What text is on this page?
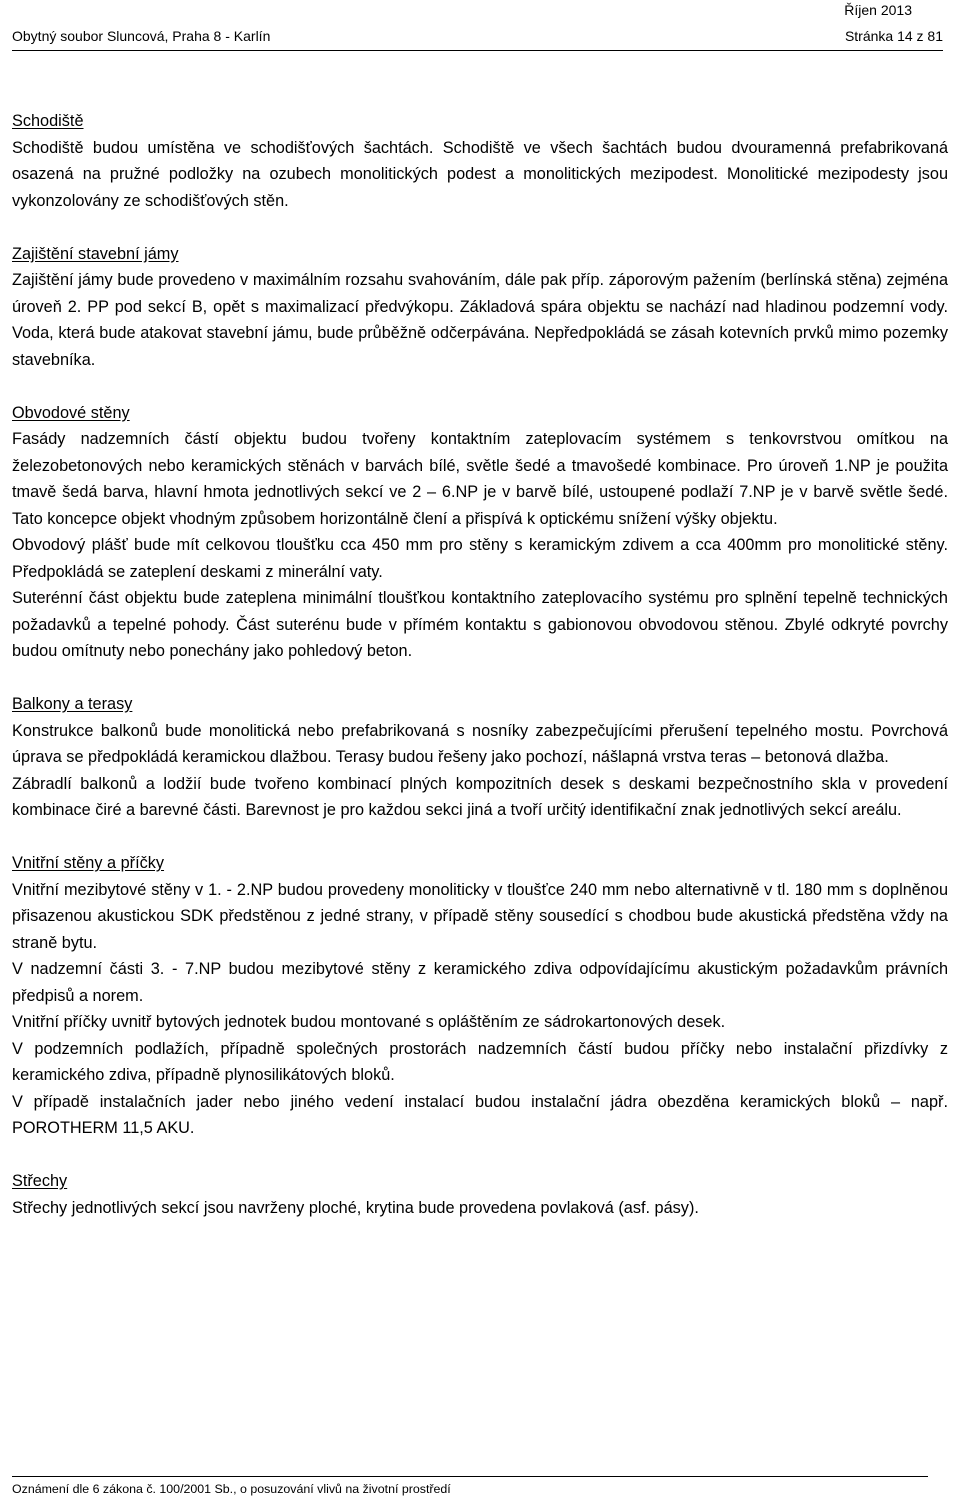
Říjen 2013
Obytný soubor Sluncová, Praha 8 - Karlín	Stránka 14 z 81

Schodiště

Schodiště budou umístěna ve schodišťových šachtách. Schodiště ve všech šachtách budou dvouramenná prefabrikovaná osazená na pružné podložky na ozubech monolitických podest a monolitických mezipodest. Monolitické mezipodesty jsou vykonzolovány ze schodišťových stěn.

Zajištění stavební jámy

Zajištění jámy bude provedeno v maximálním rozsahu svahováním, dále pak příp. záporovým pažením (berlínská stěna) zejména úroveň 2. PP pod sekcí B, opět s maximalizací předvýkopu. Základová spára objektu se nachází nad hladinou podzemní vody. Voda, která bude atakovat stavební jámu, bude průběžně odčerpávána. Nepředpokládá se zásah kotevních prvků mimo pozemky stavebníka.

Obvodové stěny

Fasády nadzemních částí objektu budou tvořeny kontaktním zateplovacím systémem s tenkovrstvou omítkou na železobetonových nebo keramických stěnách v barvách bílé, světle šedé a tmavošedé kombinace. Pro úroveň 1.NP je použita tmavě šedá barva, hlavní hmota jednotlivých sekcí ve 2 – 6.NP je v barvě bílé, ustoupené podlaží 7.NP je v barvě světle šedé. Tato koncepce objekt vhodným způsobem horizontálně člení a přispívá k optickému snížení výšky objektu.

Obvodový plášť bude mít celkovou tloušťku cca 450 mm pro stěny s keramickým zdivem a cca 400mm pro monolitické stěny. Předpokládá se zateplení deskami z minerální vaty.

Suterénní část objektu bude zateplena minimální tloušťkou kontaktního zateplovacího systému pro splnění tepelně technických požadavků a tepelné pohody. Část suterénu bude v přímém kontaktu s gabionovou obvodovou stěnou. Zbylé odkryté povrchy budou omítnuty nebo ponechány jako pohledový beton.

Balkony a terasy

Konstrukce balkonů bude monolitická nebo prefabrikovaná s nosníky zabezpečujícími přerušení tepelného mostu. Povrchová úprava se předpokládá keramickou dlažbou. Terasy budou řešeny jako pochozí, nášlapná vrstva teras – betonová dlažba.

Zábradlí balkonů a lodžií bude tvořeno kombinací plných kompozitních desek s deskami bezpečnostního skla v provedení kombinace čiré a barevné části. Barevnost je pro každou sekci jiná a tvoří určitý identifikační znak jednotlivých sekcí areálu.

Vnitřní stěny a příčky

Vnitřní mezibytové stěny v 1. - 2.NP budou provedeny monoliticky v tloušťce 240 mm nebo alternativně v tl. 180 mm s doplněnou přisazenou akustickou SDK předstěnou z jedné strany, v případě stěny sousedící s chodbou bude akustická předstěna vždy na straně bytu.

V nadzemní části 3. - 7.NP budou mezibytové stěny z keramického zdiva odpovídajícímu akustickým požadavkům právních předpisů a norem.

Vnitřní příčky uvnitř bytových jednotek budou montované s opláštěním ze sádrokartonových desek.

V podzemních podlažích, případně společných prostorách nadzemních částí budou příčky nebo instalační přizdívky z keramického zdiva, případně plynosilikátových bloků.

V případě instalačních jader nebo jiného vedení instalací budou instalační jádra obezděna keramických bloků – např. POROTHERM 11,5 AKU.

Střechy

Střechy jednotlivých sekcí jsou navrženy ploché, krytina bude provedena povlaková (asf. pásy).

Oznámení dle 6 zákona č. 100/2001 Sb., o posuzování vlivů na životní prostředí
